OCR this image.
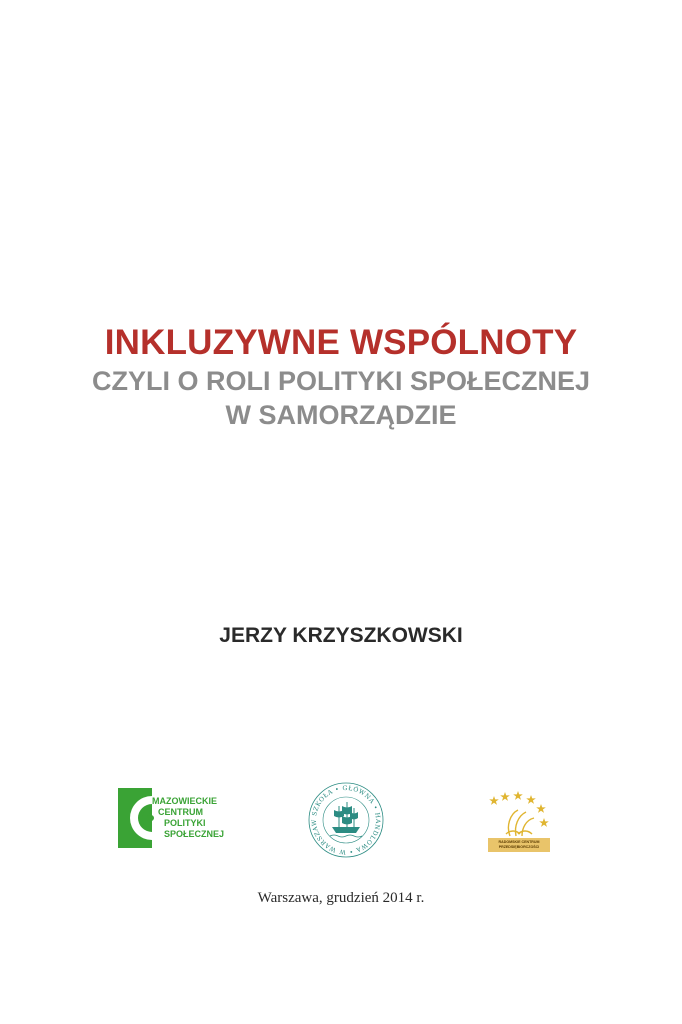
INKLUZYWNE WSPÓLNOTY
CZYLI O ROLI POLITYKI SPOŁECZNEJ
W SAMORZĄDZIE
JERZY KRZYSZKOWSKI
MAZOWIECKIE
CENTRUM
POLITYKI
SPOŁECZNEJ
SZKOŁA • GŁÓWNA • HANDLOWA • W WARSZAW
RADOMSKIE CENTRUM
PRZEDSIĘBIORCZOŚCI
Warszawa, grudzień 2014 r.
